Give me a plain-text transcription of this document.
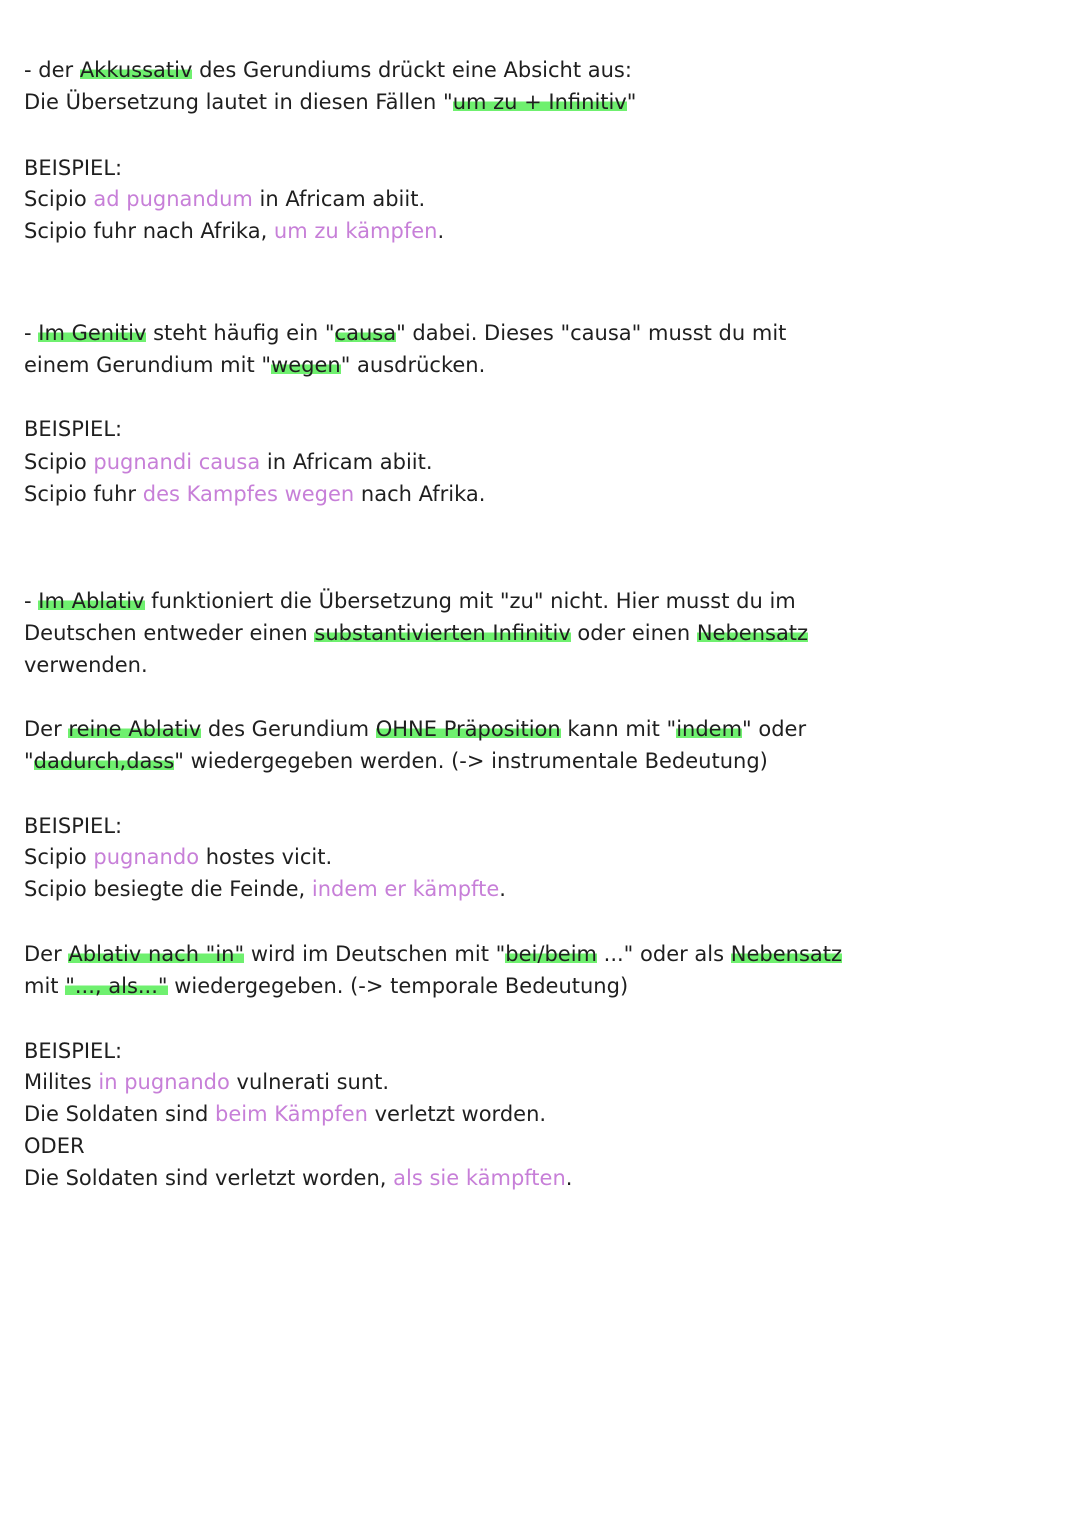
- der Akkussativ des Gerundiums drückt eine Absicht aus:

Die Übersetzung lautet in diesen Fällen "um zu + Infinitiv"

BEISPIEL:

Scipio ad pugnandum in Africam abiit.

Scipio fuhr nach Afrika, um zu kämpfen.

- Im Genitiv steht häufig ein "causa" dabei. Dieses "causa" musst du mit

einem Gerundium mit "wegen" ausdrücken.

BEISPIEL:

Scipio pugnandi causa in Africam abiit.

Scipio fuhr des Kampfes wegen nach Afrika.

- Im Ablativ funktioniert die Übersetzung mit "zu" nicht. Hier musst du im

Deutschen entweder einen substantivierten Infinitiv oder einen Nebensatz

verwenden.

Der reine Ablativ des Gerundium OHNE Präposition kann mit "indem" oder

"dadurch,dass" wiedergegeben werden. (-> instrumentale Bedeutung)

BEISPIEL:

Scipio pugnando hostes vicit.

Scipio besiegte die Feinde, indem er kämpfte.

Der Ablativ nach "in" wird im Deutschen mit "bei/beim ..." oder als Nebensatz

mit "..., als..." wiedergegeben. (-> temporale Bedeutung)

BEISPIEL:

Milites in pugnando vulnerati sunt.

Die Soldaten sind beim Kämpfen verletzt worden.

ODER

Die Soldaten sind verletzt worden, als sie kämpften.
